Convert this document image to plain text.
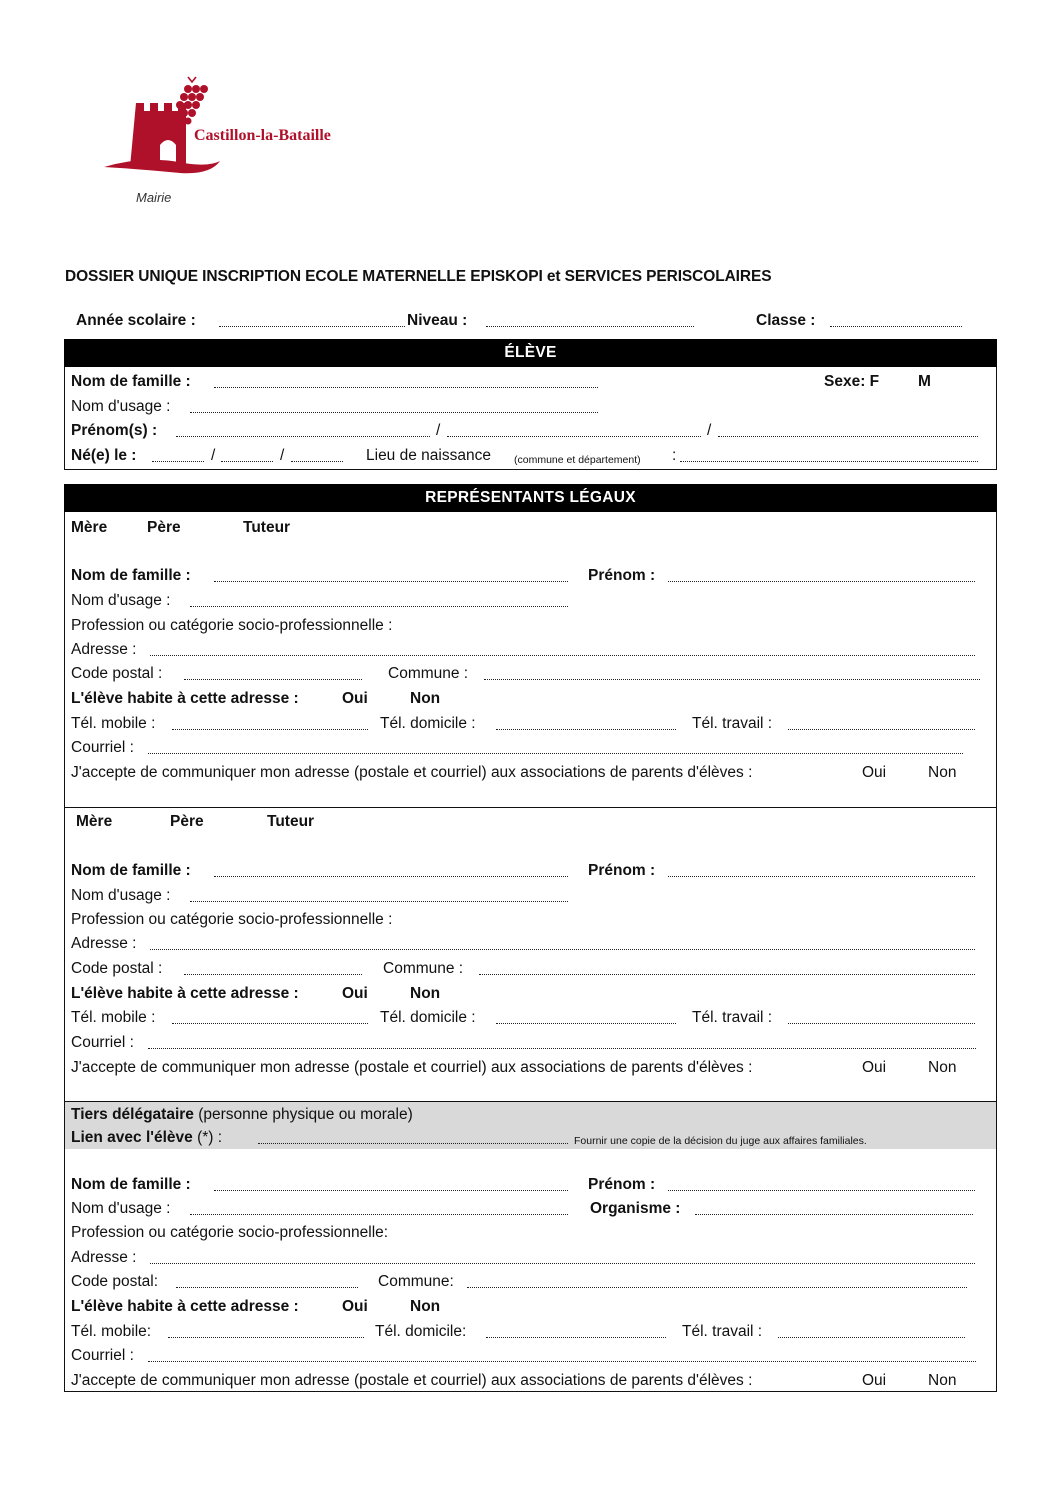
Castillon-la-Bataille
Mairie
DOSSIER UNIQUE INSCRIPTION ECOLE MATERNELLE EPISKOPI et SERVICES PERISCOLAIRES
Année scolaire :	Niveau :	Classe :
ÉLÈVE
Nom de famille :	Sexe: F	M
Nom d'usage :
Prénom(s) :	/	/
Né(e) le :	/	/	Lieu de naissance (commune et département) :
REPRÉSENTANTS LÉGAUX
Mère	Père	Tuteur
Nom de famille :	Prénom :
Nom d'usage :
Profession ou catégorie socio-professionnelle :
Adresse :
Code postal :	Commune :
L'élève habite à cette adresse :	Oui	Non
Tél. mobile :	Tél. domicile :	Tél. travail :
Courriel :
J'accepte de communiquer mon adresse (postale et courriel) aux associations de parents d'élèves :	Oui	Non
Mère	Père	Tuteur
Nom de famille :	Prénom :
Nom d'usage :
Profession ou catégorie socio-professionnelle :
Adresse :
Code postal :	Commune :
L'élève habite à cette adresse :	Oui	Non
Tél. mobile :	Tél. domicile :	Tél. travail :
Courriel :
J'accepte de communiquer mon adresse (postale et courriel) aux associations de parents d'élèves :	Oui	Non
Tiers délégataire (personne physique ou morale)
Lien avec l'élève (*) :	Fournir une copie de la décision du juge aux affaires familiales.
Nom de famille :	Prénom :
Nom d'usage :	Organisme :
Profession ou catégorie socio-professionnelle:
Adresse :
Code postal:	Commune:
L'élève habite à cette adresse :	Oui	Non
Tél. mobile:	Tél. domicile:	Tél. travail :
Courriel :
J'accepte de communiquer mon adresse (postale et courriel) aux associations de parents d'élèves :	Oui	Non
